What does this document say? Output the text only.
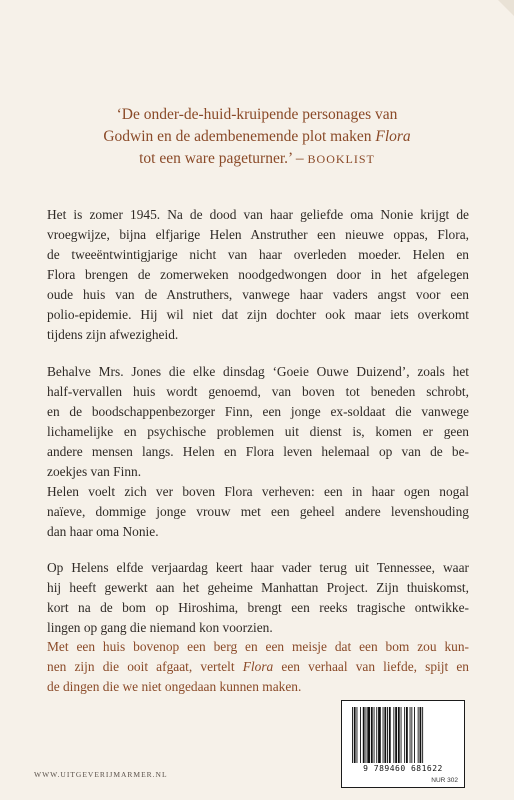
‘De onder-de-huid-kruipende personages van
Godwin en de adembenemende plot maken Flora
tot een ware pageturner.’ – BOOKLIST
Het is zomer 1945. Na de dood van haar geliefde oma Nonie krijgt de
vroegwijze, bijna elfjarige Helen Anstruther een nieuwe oppas, Flora,
de tweeëntwintigjarige nicht van haar overleden moeder. Helen en
Flora brengen de zomerweken noodgedwongen door in het afgelegen
oude huis van de Anstruthers, vanwege haar vaders angst voor een
polio-epidemie. Hij wil niet dat zijn dochter ook maar iets overkomt
tijdens zijn afwezigheid.
Behalve Mrs. Jones die elke dinsdag ‘Goeie Ouwe Duizend’, zoals het
half-vervallen huis wordt genoemd, van boven tot beneden schrobt,
en de boodschappenbezorger Finn, een jonge ex-soldaat die vanwege
lichamelijke en psychische problemen uit dienst is, komen er geen
andere mensen langs. Helen en Flora leven helemaal op van de be-
zoekjes van Finn.
Helen voelt zich ver boven Flora verheven: een in haar ogen nogal
naïeve, dommige jonge vrouw met een geheel andere levenshouding
dan haar oma Nonie.
Op Helens elfde verjaardag keert haar vader terug uit Tennessee, waar
hij heeft gewerkt aan het geheime Manhattan Project. Zijn thuiskomst,
kort na de bom op Hiroshima, brengt een reeks tragische ontwikke-
lingen op gang die niemand kon voorzien.
Met een huis bovenop een berg en een meisje dat een bom zou kun-
nen zijn die ooit afgaat, vertelt Flora een verhaal van liefde, spijt en
de dingen die we niet ongedaan kunnen maken.
9 789460 681622
NUR 302
WWW.UITGEVERIJMARMER.NL
